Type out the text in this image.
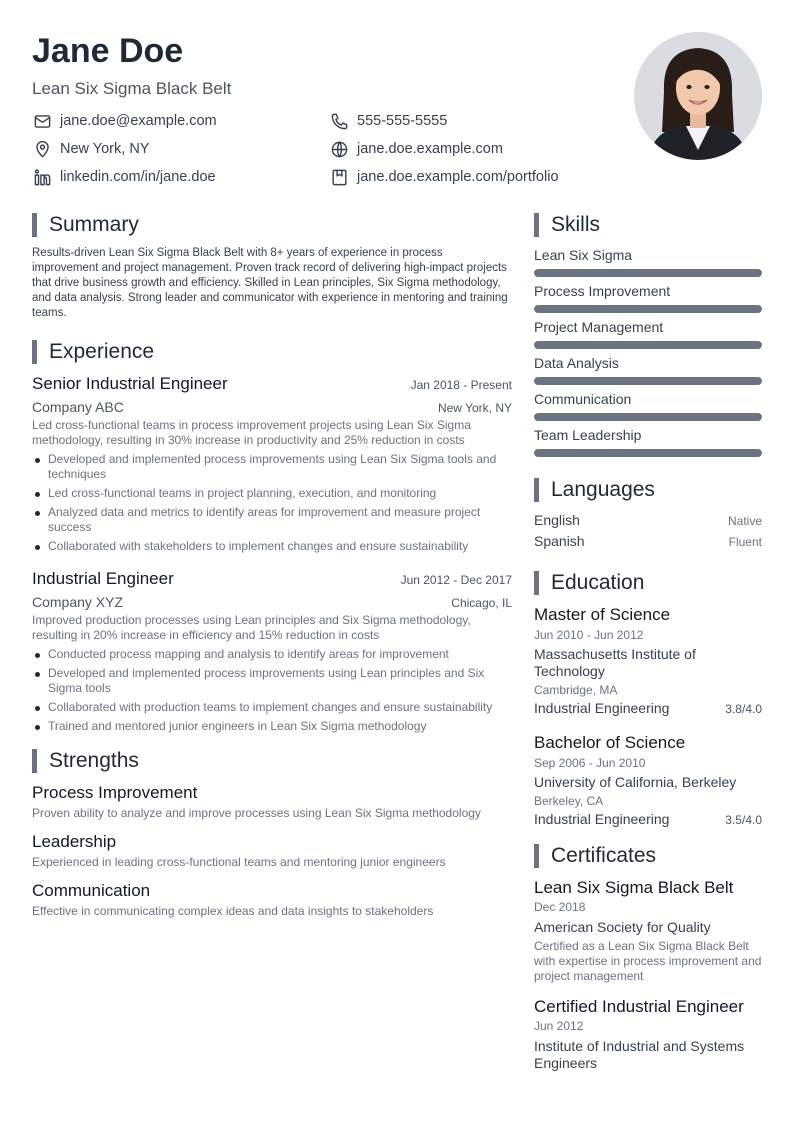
Jane Doe
Lean Six Sigma Black Belt
jane.doe@example.com	555-555-5555
New York, NY	jane.doe.example.com
linkedin.com/in/jane.doe	jane.doe.example.com/portfolio
Summary
Results-driven Lean Six Sigma Black Belt with 8+ years of experience in process improvement and project management. Proven track record of delivering high-impact projects that drive business growth and efficiency. Skilled in Lean principles, Six Sigma methodology, and data analysis. Strong leader and communicator with experience in mentoring and training teams.
Experience
Senior Industrial Engineer	Jan 2018 - Present
Company ABC	New York, NY
Led cross-functional teams in process improvement projects using Lean Six Sigma methodology, resulting in 30% increase in productivity and 25% reduction in costs
Developed and implemented process improvements using Lean Six Sigma tools and techniques
Led cross-functional teams in project planning, execution, and monitoring
Analyzed data and metrics to identify areas for improvement and measure project success
Collaborated with stakeholders to implement changes and ensure sustainability
Industrial Engineer	Jun 2012 - Dec 2017
Company XYZ	Chicago, IL
Improved production processes using Lean principles and Six Sigma methodology, resulting in 20% increase in efficiency and 15% reduction in costs
Conducted process mapping and analysis to identify areas for improvement
Developed and implemented process improvements using Lean principles and Six Sigma tools
Collaborated with production teams to implement changes and ensure sustainability
Trained and mentored junior engineers in Lean Six Sigma methodology
Strengths
Process Improvement
Proven ability to analyze and improve processes using Lean Six Sigma methodology
Leadership
Experienced in leading cross-functional teams and mentoring junior engineers
Communication
Effective in communicating complex ideas and data insights to stakeholders
Skills
Lean Six Sigma
Process Improvement
Project Management
Data Analysis
Communication
Team Leadership
Languages
English	Native
Spanish	Fluent
Education
Master of Science
Jun 2010 - Jun 2012
Massachusetts Institute of Technology
Cambridge, MA
Industrial Engineering	3.8/4.0
Bachelor of Science
Sep 2006 - Jun 2010
University of California, Berkeley
Berkeley, CA
Industrial Engineering	3.5/4.0
Certificates
Lean Six Sigma Black Belt
Dec 2018
American Society for Quality
Certified as a Lean Six Sigma Black Belt with expertise in process improvement and project management
Certified Industrial Engineer
Jun 2012
Institute of Industrial and Systems Engineers
